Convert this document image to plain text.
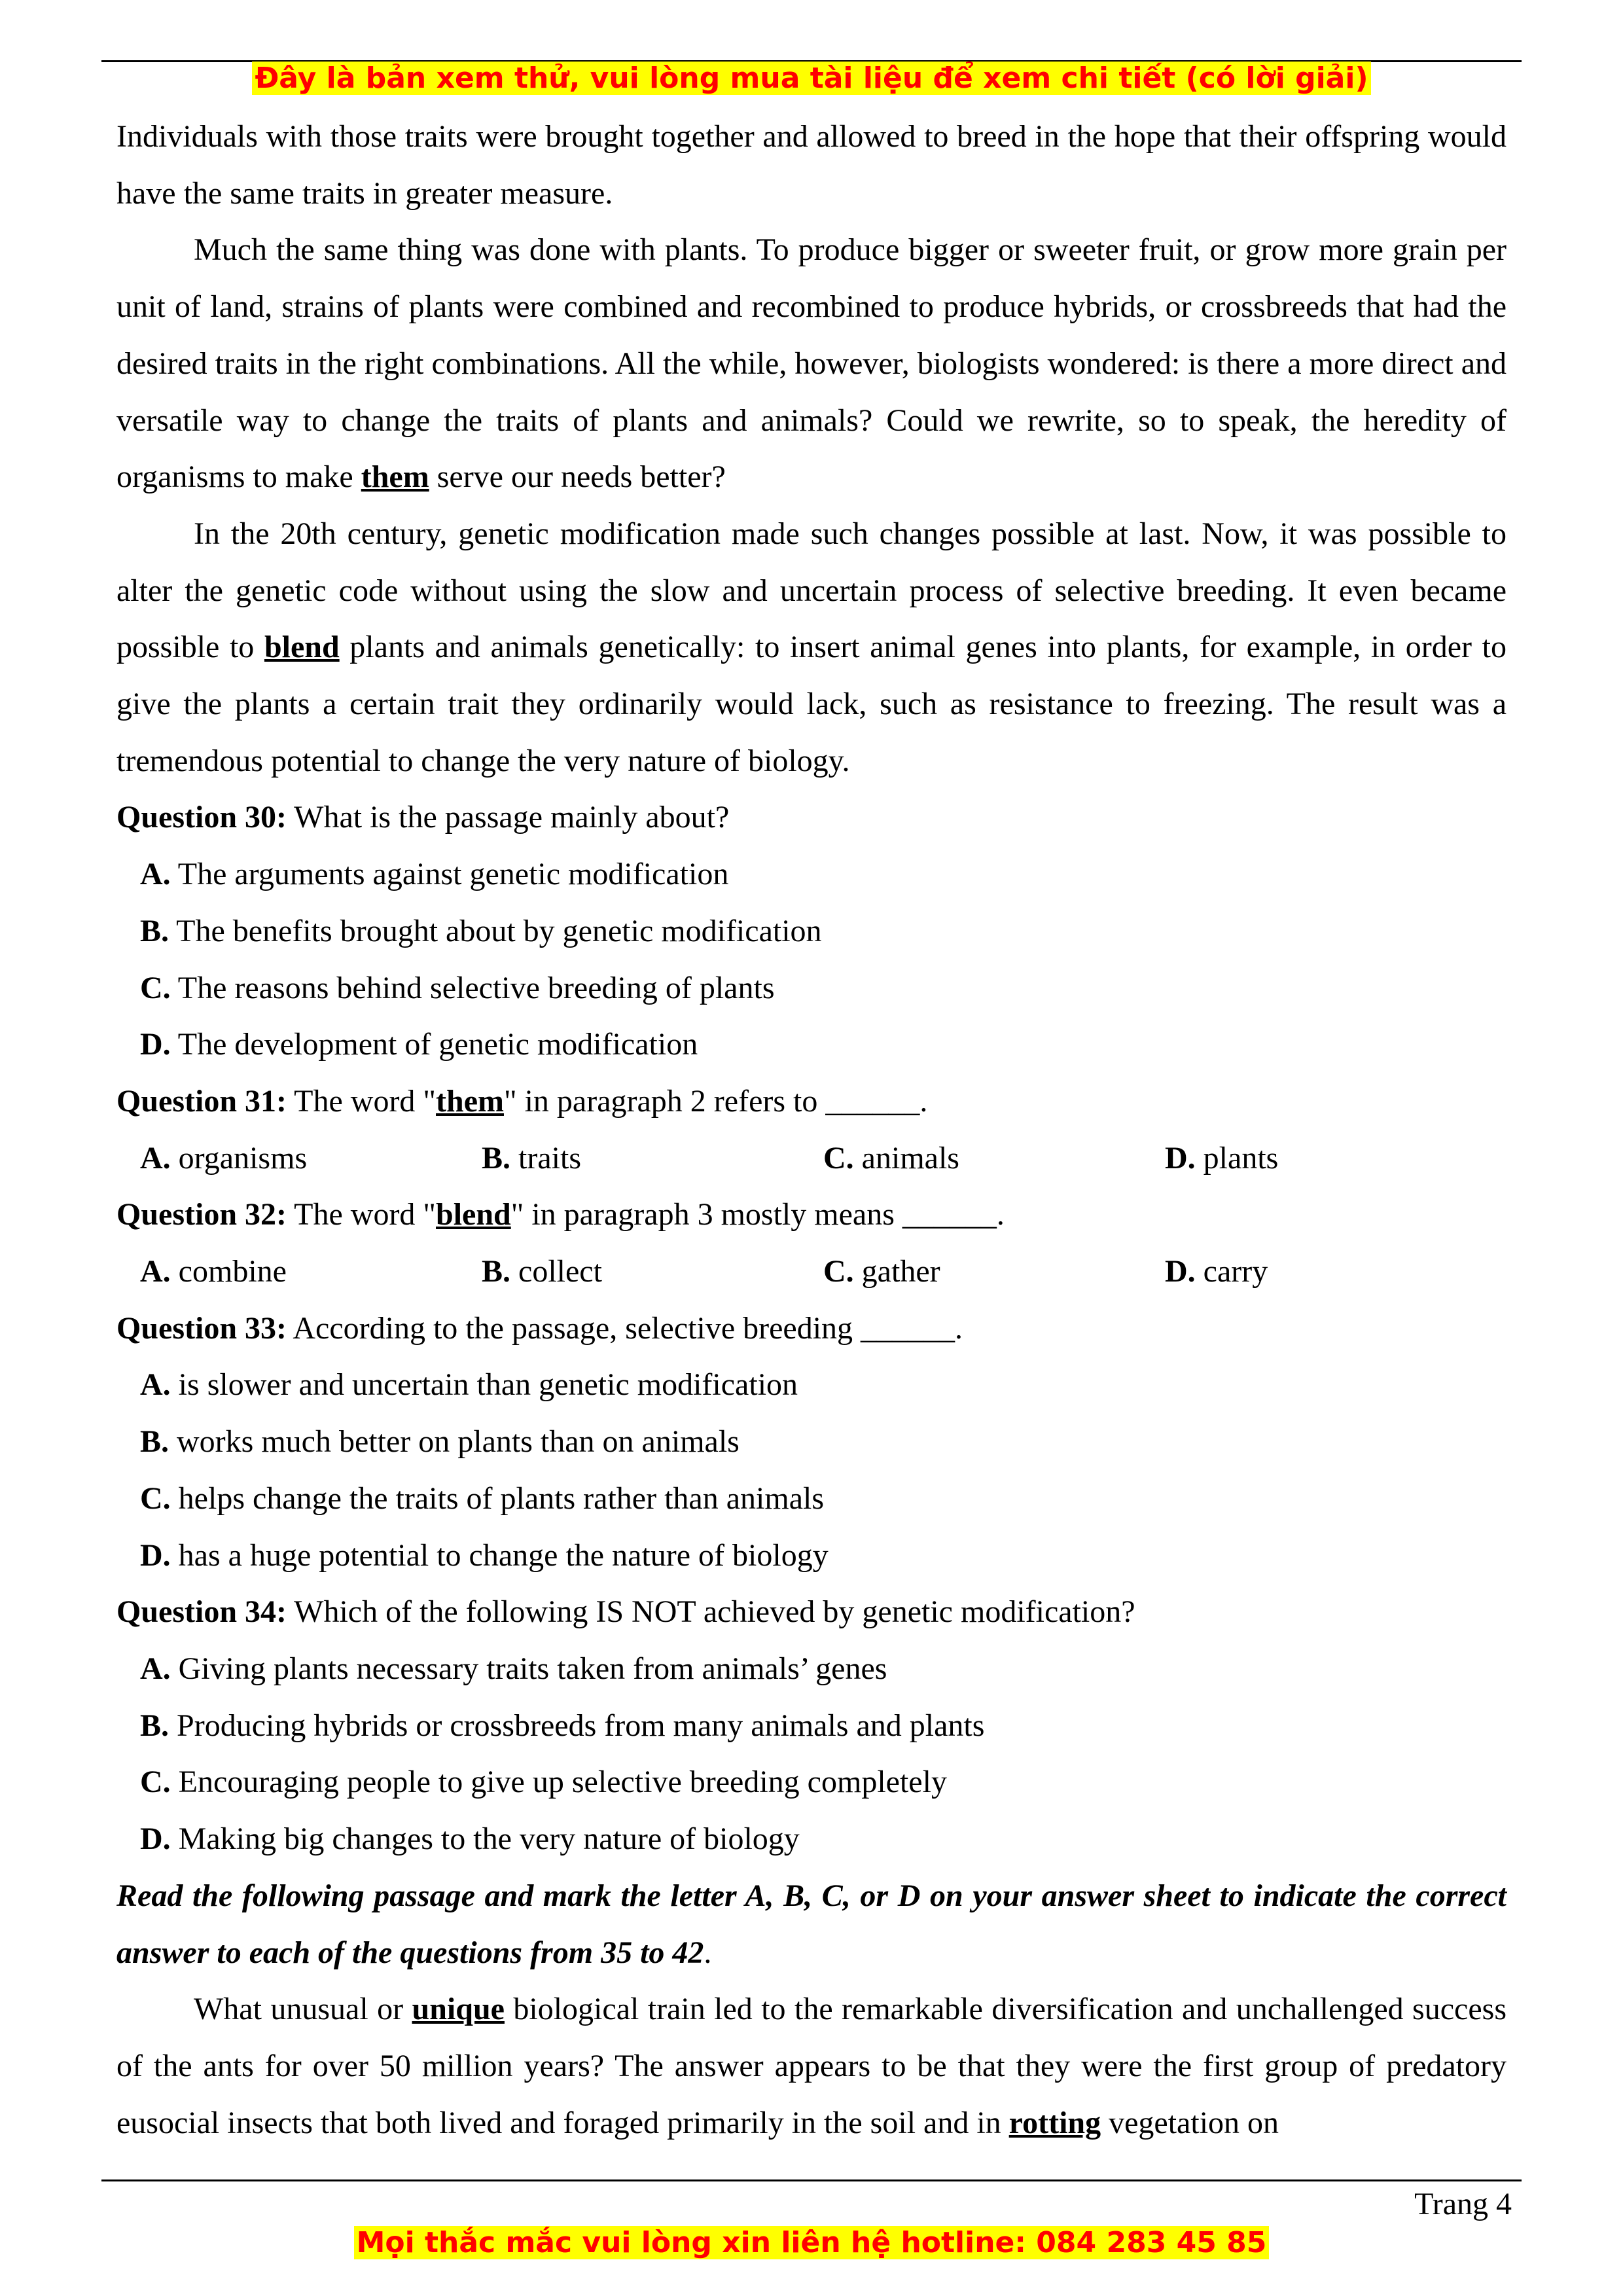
Đây là bản xem thử, vui lòng mua tài liệu để xem chi tiết (có lời giải)

Individuals with those traits were brought together and allowed to breed in the hope that their offspring would have the same traits in greater measure.

Much the same thing was done with plants. To produce bigger or sweeter fruit, or grow more grain per unit of land, strains of plants were combined and recombined to produce hybrids, or crossbreeds that had the desired traits in the right combinations. All the while, however, biologists wondered: is there a more direct and versatile way to change the traits of plants and animals? Could we rewrite, so to speak, the heredity of organisms to make them serve our needs better?

In the 20th century, genetic modification made such changes possible at last. Now, it was possible to alter the genetic code without using the slow and uncertain process of selective breeding. It even became possible to blend plants and animals genetically: to insert animal genes into plants, for example, in order to give the plants a certain trait they ordinarily would lack, such as resistance to freezing. The result was a tremendous potential to change the very nature of biology.

Question 30: What is the passage mainly about?

A. The arguments against genetic modification

B. The benefits brought about by genetic modification

C. The reasons behind selective breeding of plants

D. The development of genetic modification

Question 31: The word "them" in paragraph 2 refers to ______.

A. organisms	B. traits	C. animals	D. plants

Question 32: The word "blend" in paragraph 3 mostly means ______.

A. combine	B. collect	C. gather	D. carry

Question 33: According to the passage, selective breeding ______.

A. is slower and uncertain than genetic modification

B. works much better on plants than on animals

C. helps change the traits of plants rather than animals

D. has a huge potential to change the nature of biology

Question 34: Which of the following IS NOT achieved by genetic modification?

A. Giving plants necessary traits taken from animals’ genes

B. Producing hybrids or crossbreeds from many animals and plants

C. Encouraging people to give up selective breeding completely

D. Making big changes to the very nature of biology

Read the following passage and mark the letter A, B, C, or D on your answer sheet to indicate the correct answer to each of the questions from 35 to 42.

What unusual or unique biological train led to the remarkable diversification and unchallenged success of the ants for over 50 million years? The answer appears to be that they were the first group of predatory eusocial insects that both lived and foraged primarily in the soil and in rotting vegetation on

Trang 4
Mọi thắc mắc vui lòng xin liên hệ hotline: 084 283 45 85
